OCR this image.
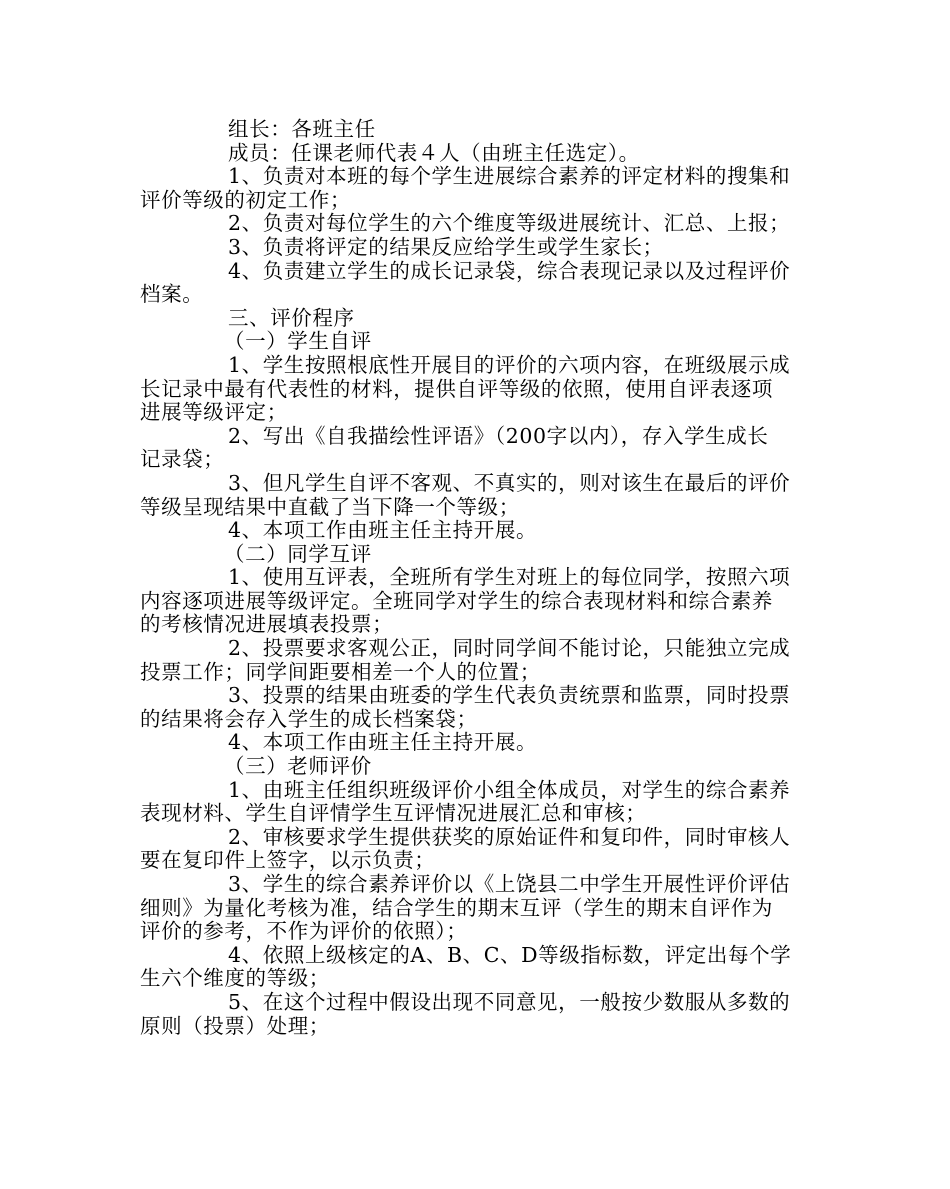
组长：各班主任
成员：任课老师代表４人（由班主任选定）。
1、负责对本班的每个学生进展综合素养的评定材料的搜集和
评价等级的初定工作；
2、负责对每位学生的六个维度等级进展统计、汇总、上报；
3、负责将评定的结果反应给学生或学生家长；
4、负责建立学生的成长记录袋，综合表现记录以及过程评价
档案。
三、评价程序
（一）学生自评
1、学生按照根底性开展目的评价的六项内容，在班级展示成
长记录中最有代表性的材料，提供自评等级的依照，使用自评表逐项
进展等级评定；
2、写出《自我描绘性评语》（200字以内），存入学生成长
记录袋；
3、但凡学生自评不客观、不真实的，则对该生在最后的评价
等级呈现结果中直截了当下降一个等级；
4、本项工作由班主任主持开展。
（二）同学互评
1、使用互评表，全班所有学生对班上的每位同学，按照六项
内容逐项进展等级评定。全班同学对学生的综合表现材料和综合素养
的考核情况进展填表投票；
2、投票要求客观公正，同时同学间不能讨论，只能独立完成
投票工作；同学间距要相差一个人的位置；
3、投票的结果由班委的学生代表负责统票和监票，同时投票
的结果将会存入学生的成长档案袋；
4、本项工作由班主任主持开展。
（三）老师评价
1、由班主任组织班级评价小组全体成员，对学生的综合素养
表现材料、学生自评情学生互评情况进展汇总和审核；
2、审核要求学生提供获奖的原始证件和复印件，同时审核人
要在复印件上签字，以示负责；
3、学生的综合素养评价以《上饶县二中学生开展性评价评估
细则》为量化考核为准，结合学生的期末互评（学生的期末自评作为
评价的参考，不作为评价的依照）；
4、依照上级核定的A、B、C、D等级指标数，评定出每个学
生六个维度的等级；
5、在这个过程中假设出现不同意见，一般按少数服从多数的
原则（投票）处理；
